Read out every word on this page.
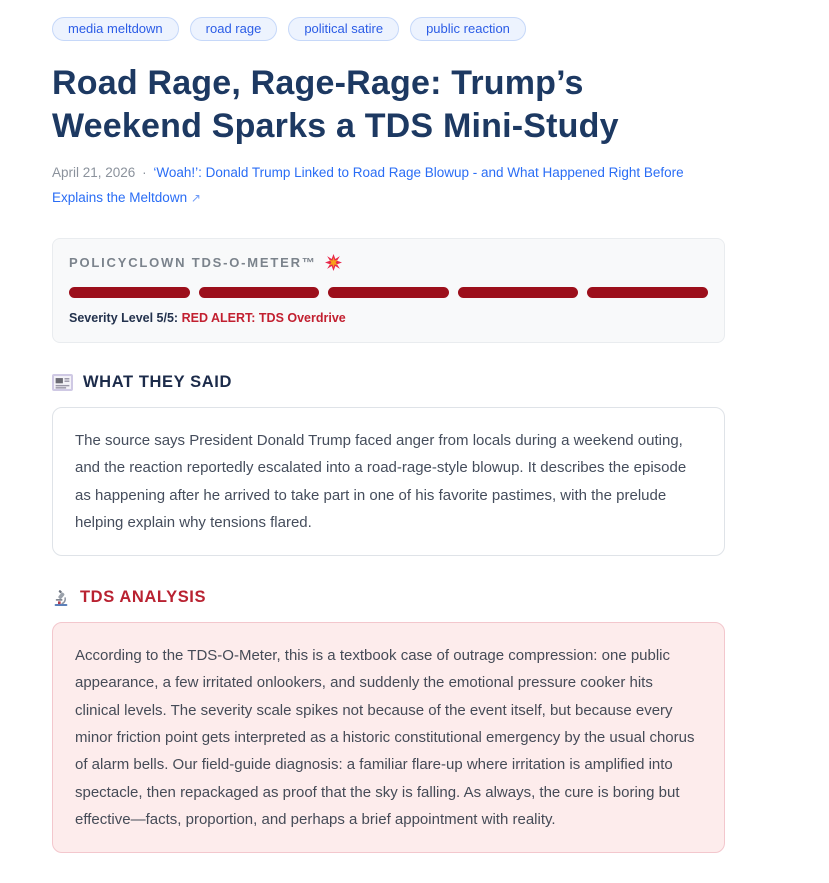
media meltdown	road rage	political satire	public reaction
Road Rage, Rage-Rage: Trump’s Weekend Sparks a TDS Mini-Study
April 21, 2026 · ‘Woah!’: Donald Trump Linked to Road Rage Blowup - and What Happened Right Before Explains the Meltdown ↗
POLICYCLOWN TDS-O-METER™
Severity Level 5/5: RED ALERT: TDS Overdrive
WHAT THEY SAID
The source says President Donald Trump faced anger from locals during a weekend outing, and the reaction reportedly escalated into a road-rage-style blowup. It describes the episode as happening after he arrived to take part in one of his favorite pastimes, with the prelude helping explain why tensions flared.
TDS ANALYSIS
According to the TDS-O-Meter, this is a textbook case of outrage compression: one public appearance, a few irritated onlookers, and suddenly the emotional pressure cooker hits clinical levels. The severity scale spikes not because of the event itself, but because every minor friction point gets interpreted as a historic constitutional emergency by the usual chorus of alarm bells. Our field-guide diagnosis: a familiar flare-up where irritation is amplified into spectacle, then repackaged as proof that the sky is falling. As always, the cure is boring but effective—facts, proportion, and perhaps a brief appointment with reality.
